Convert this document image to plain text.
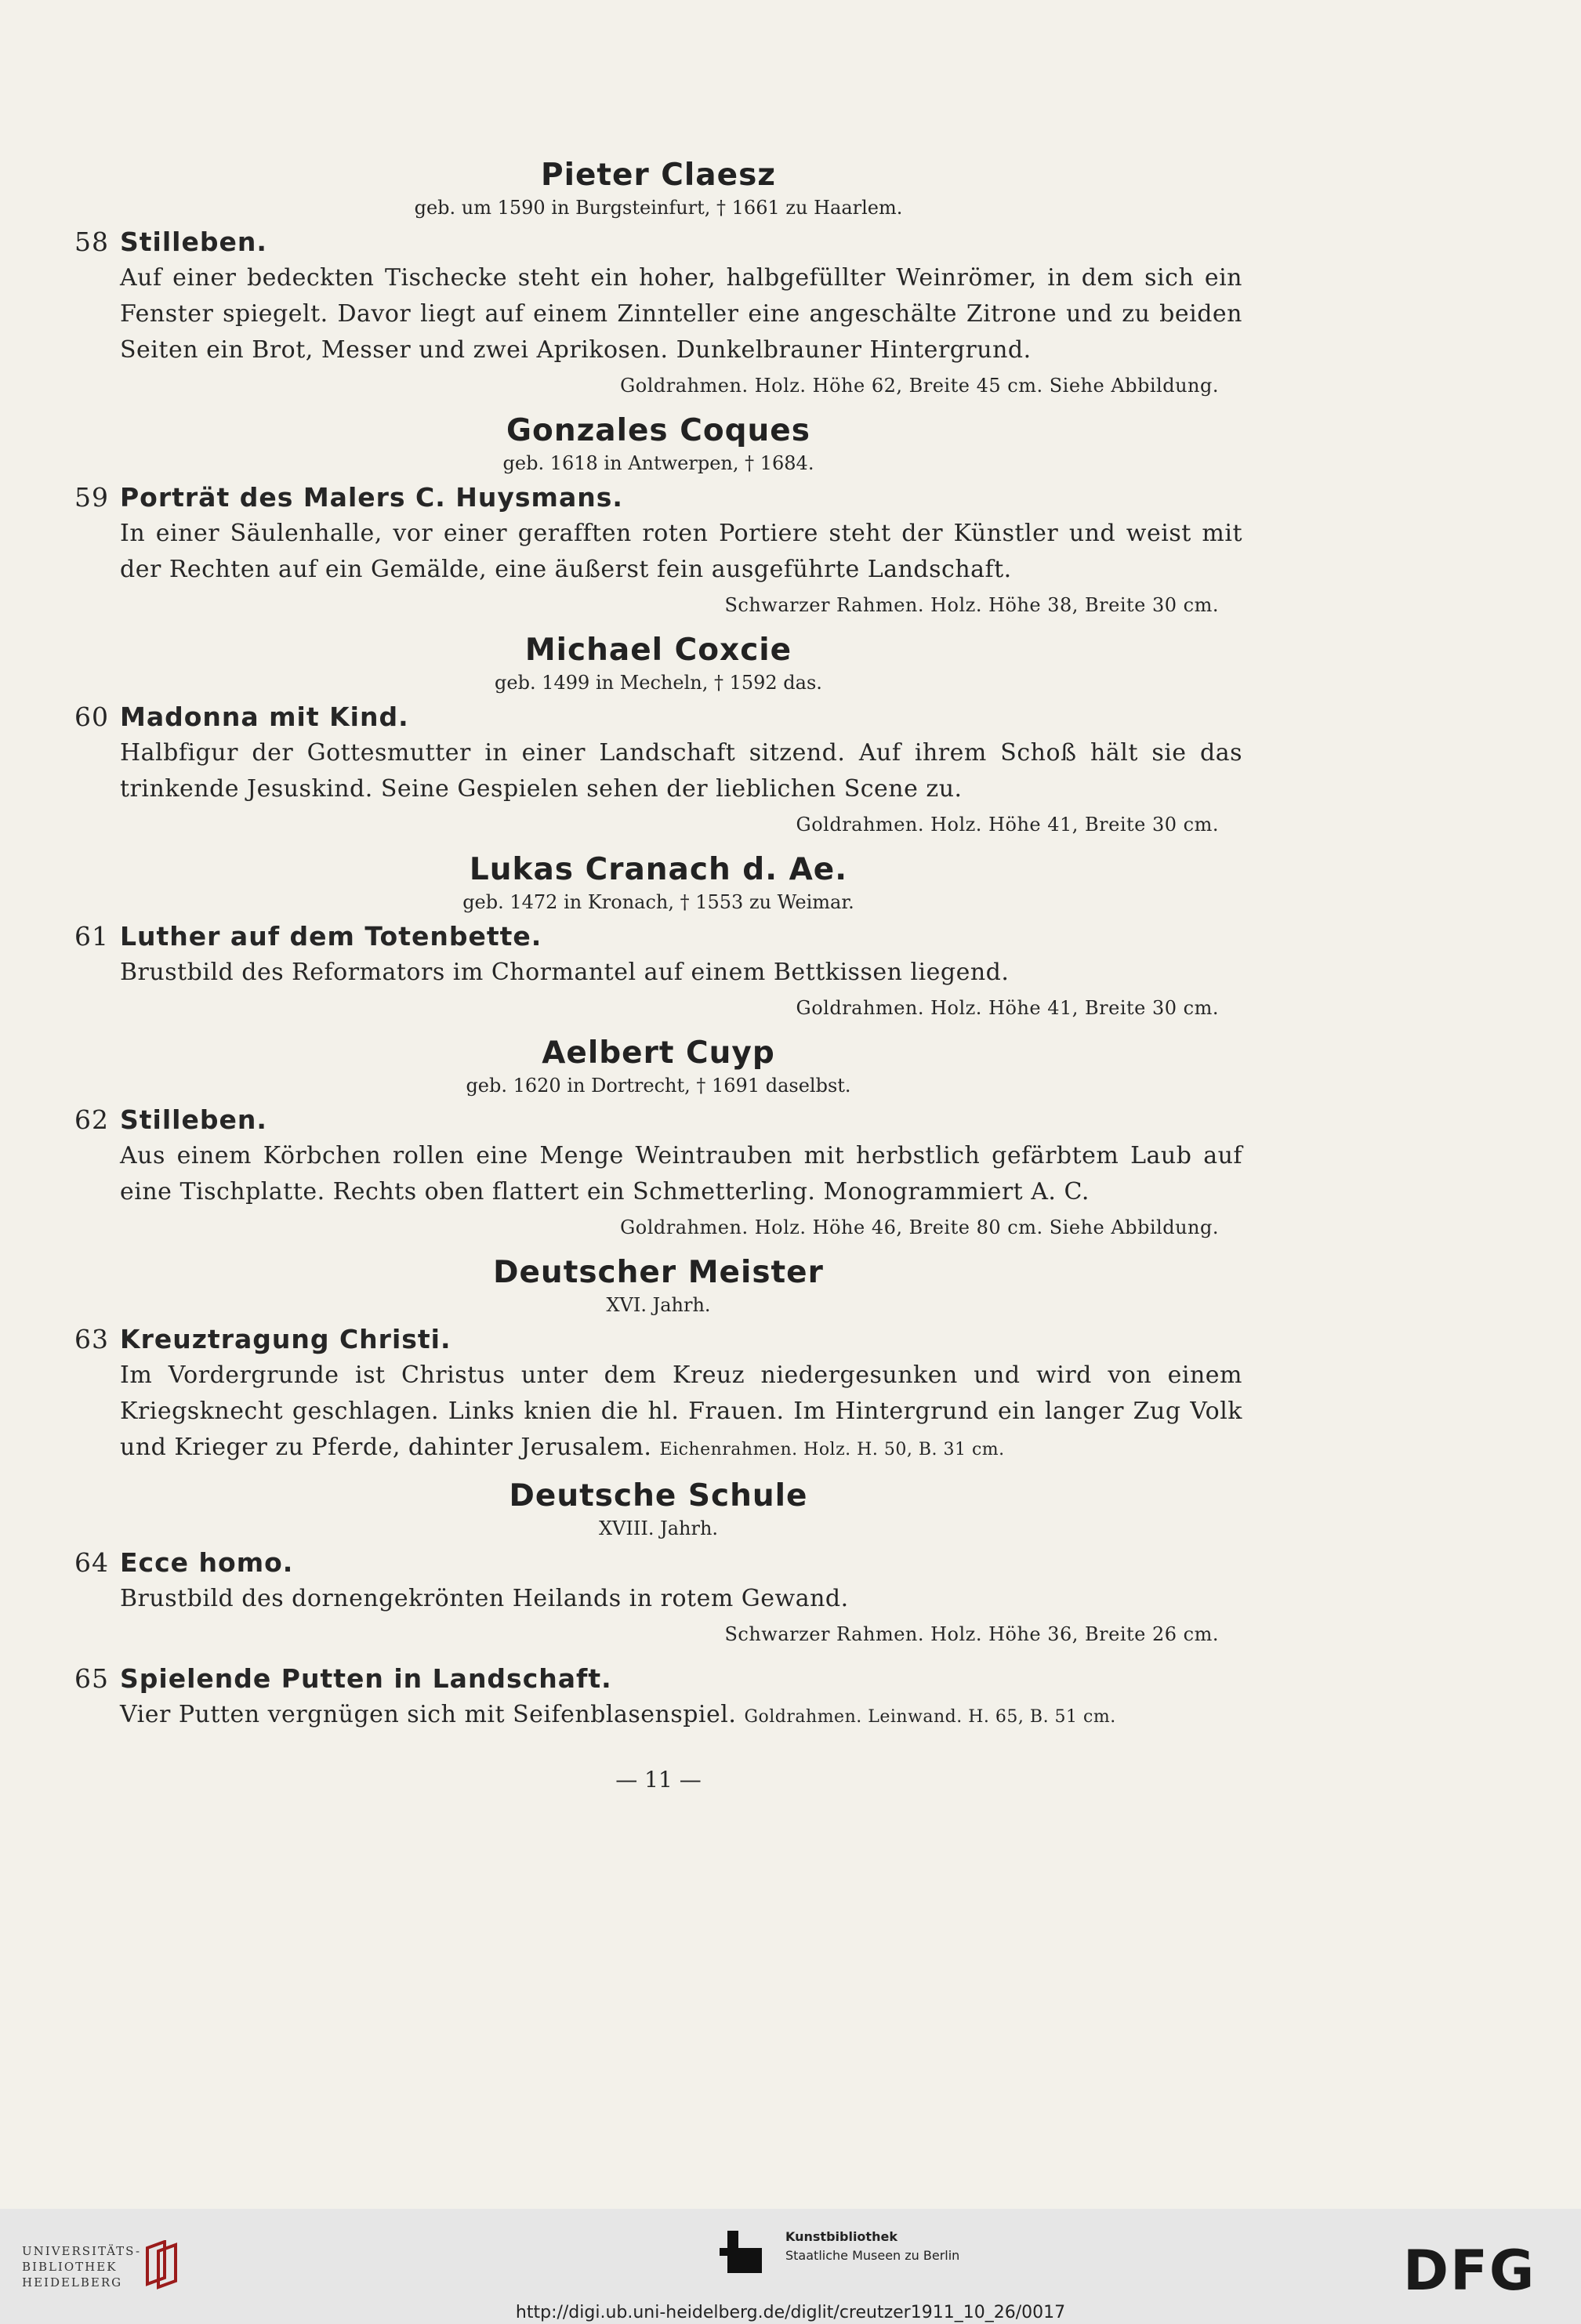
Pieter Claesz
geb. um 1590 in Burgsteinfurt, † 1661 zu Haarlem.
58 Stilleben.
Auf einer bedeckten Tischecke steht ein hoher, halbgefüllter Weinrömer, in dem sich ein Fenster spiegelt. Davor liegt auf einem Zinnteller eine angeschälte Zitrone und zu beiden Seiten ein Brot, Messer und zwei Aprikosen. Dunkelbrauner Hintergrund.
Goldrahmen. Holz. Höhe 62, Breite 45 cm. Siehe Abbildung.
Gonzales Coques
geb. 1618 in Antwerpen, † 1684.
59 Porträt des Malers C. Huysmans.
In einer Säulenhalle, vor einer gerafften roten Portiere steht der Künstler und weist mit der Rechten auf ein Gemälde, eine äußerst fein ausgeführte Landschaft.
Schwarzer Rahmen. Holz. Höhe 38, Breite 30 cm.
Michael Coxcie
geb. 1499 in Mecheln, † 1592 das.
60 Madonna mit Kind.
Halbfigur der Gottesmutter in einer Landschaft sitzend. Auf ihrem Schoß hält sie das trinkende Jesuskind. Seine Gespielen sehen der lieblichen Scene zu.
Goldrahmen. Holz. Höhe 41, Breite 30 cm.
Lukas Cranach d. Ae.
geb. 1472 in Kronach, † 1553 zu Weimar.
61 Luther auf dem Totenbette.
Brustbild des Reformators im Chormantel auf einem Bettkissen liegend.
Goldrahmen. Holz. Höhe 41, Breite 30 cm.
Aelbert Cuyp
geb. 1620 in Dortrecht, † 1691 daselbst.
62 Stilleben.
Aus einem Körbchen rollen eine Menge Weintrauben mit herbstlich gefärbtem Laub auf eine Tischplatte. Rechts oben flattert ein Schmetterling. Monogrammiert A. C.
Goldrahmen. Holz. Höhe 46, Breite 80 cm. Siehe Abbildung.
Deutscher Meister
XVI. Jahrh.
63 Kreuztragung Christi.
Im Vordergrunde ist Christus unter dem Kreuz niedergesunken und wird von einem Kriegsknecht geschlagen. Links knien die hl. Frauen. Im Hintergrund ein langer Zug Volk und Krieger zu Pferde, dahinter Jerusalem. Eichenrahmen. Holz. H. 50, B. 31 cm.
Deutsche Schule
XVIII. Jahrh.
64 Ecce homo.
Brustbild des dornengekrönten Heilands in rotem Gewand.
Schwarzer Rahmen. Holz. Höhe 36, Breite 26 cm.
65 Spielende Putten in Landschaft.
Vier Putten vergnügen sich mit Seifenblasenspiel. Goldrahmen. Leinwand. H. 65, B. 51 cm.
— 11 —
UNIVERSITÄTS-
BIBLIOTHEK
HEIDELBERG
Kunstbibliothek
Staatliche Museen zu Berlin	DFG
http://digi.ub.uni-heidelberg.de/diglit/creutzer1911_10_26/0017
